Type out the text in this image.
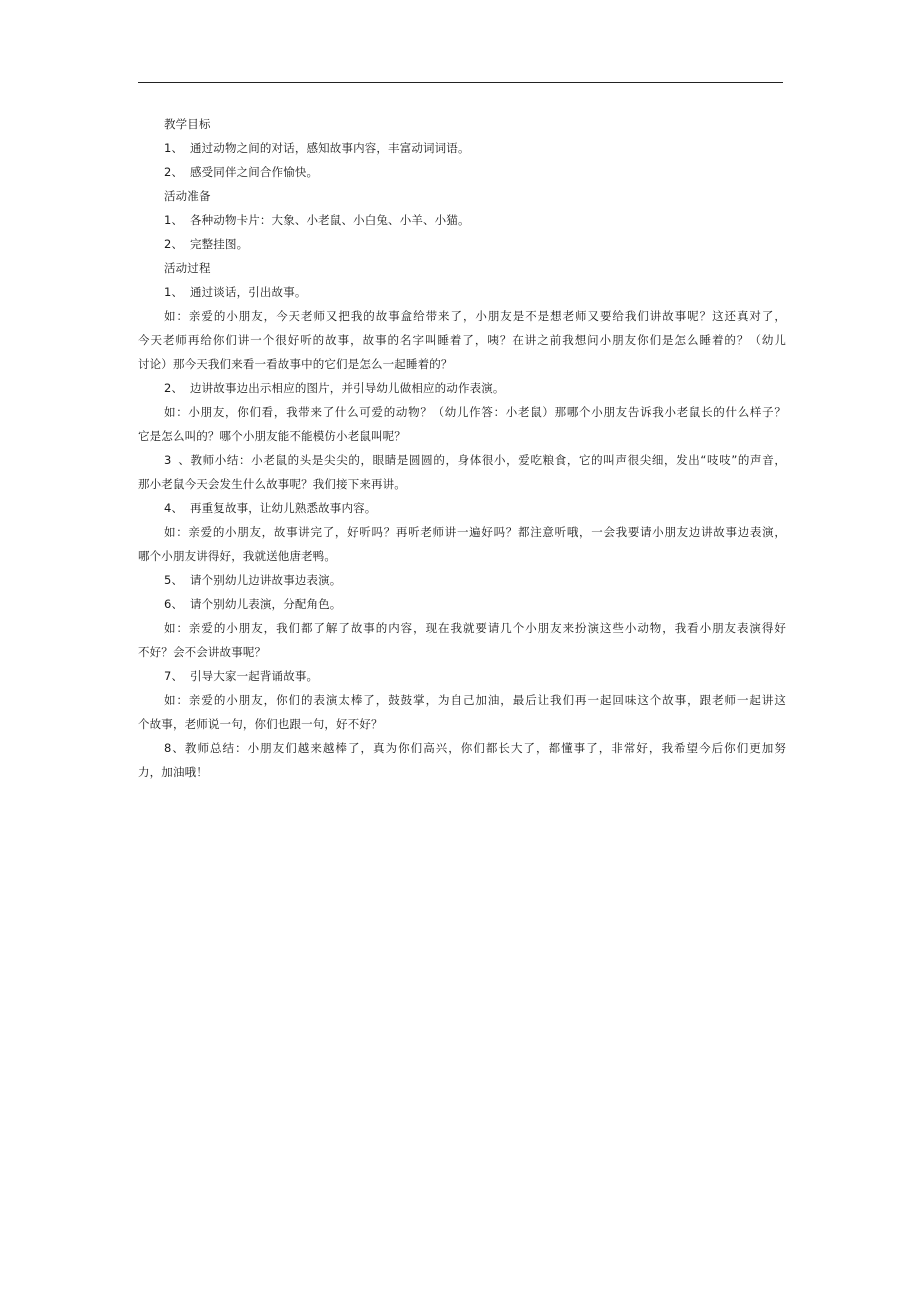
教学目标
1、 通过动物之间的对话，感知故事内容，丰富动词词语。
2、 感受同伴之间合作愉快。
活动准备
1、 各种动物卡片：大象、小老鼠、小白兔、小羊、小猫。
2、 完整挂图。
活动过程
1、 通过谈话，引出故事。
如：亲爱的小朋友，今天老师又把我的故事盒给带来了，小朋友是不是想老师又要给我们讲故事呢？这还真对了，
今天老师再给你们讲一个很好听的故事，故事的名字叫睡着了，咦？在讲之前我想问小朋友你们是怎么睡着的？（幼儿
讨论）那今天我们来看一看故事中的它们是怎么一起睡着的？
2、 边讲故事边出示相应的图片，并引导幼儿做相应的动作表演。
如：小朋友，你们看，我带来了什么可爱的动物？（幼儿作答：小老鼠）那哪个小朋友告诉我小老鼠长的什么样子？
它是怎么叫的？哪个小朋友能不能模仿小老鼠叫呢？
3、教师小结：小老鼠的头是尖尖的，眼睛是圆圆的，身体很小，爱吃粮食，它的叫声很尖细，发出“吱吱”的声音，
那小老鼠今天会发生什么故事呢？我们接下来再讲。
4、 再重复故事，让幼儿熟悉故事内容。
如：亲爱的小朋友，故事讲完了，好听吗？再听老师讲一遍好吗？都注意听哦，一会我要请小朋友边讲故事边表演，
哪个小朋友讲得好，我就送他唐老鸭。
5、 请个别幼儿边讲故事边表演。
6、 请个别幼儿表演，分配角色。
如：亲爱的小朋友，我们都了解了故事的内容，现在我就要请几个小朋友来扮演这些小动物，我看小朋友表演得好
不好？会不会讲故事呢？
7、 引导大家一起背诵故事。
如：亲爱的小朋友，你们的表演太棒了，鼓鼓掌，为自己加油，最后让我们再一起回味这个故事，跟老师一起讲这
个故事，老师说一句，你们也跟一句，好不好？
8、教师总结：小朋友们越来越棒了，真为你们高兴，你们都长大了，都懂事了，非常好，我希望今后你们更加努
力，加油哦！
